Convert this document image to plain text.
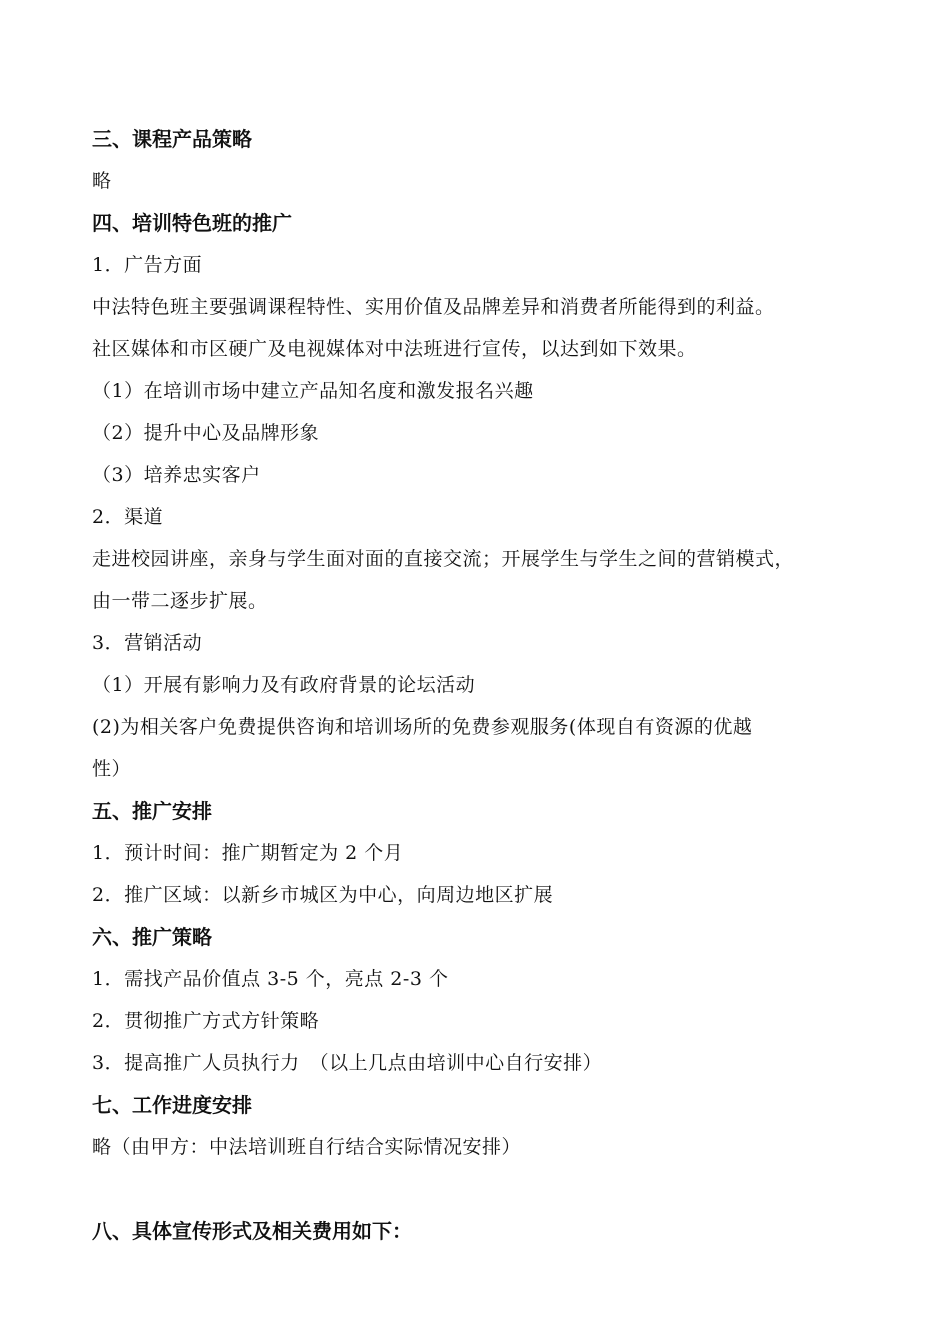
三、课程产品策略
略
四、培训特色班的推广
1．广告方面
中法特色班主要强调课程特性、实用价值及品牌差异和消费者所能得到的利益。
社区媒体和市区硬广及电视媒体对中法班进行宣传，以达到如下效果。
（1）在培训市场中建立产品知名度和激发报名兴趣
（2）提升中心及品牌形象
（3）培养忠实客户
2．渠道
走进校园讲座，亲身与学生面对面的直接交流；开展学生与学生之间的营销模式，
由一带二逐步扩展。
3．营销活动
（1）开展有影响力及有政府背景的论坛活动
(2)为相关客户免费提供咨询和培训场所的免费参观服务(体现自有资源的优越
性）
五、推广安排
1．预计时间：推广期暂定为 2 个月
2．推广区域：以新乡市城区为中心，向周边地区扩展
六、推广策略
1．需找产品价值点 3-5 个，亮点 2-3 个
2．贯彻推广方式方针策略
3．提高推广人员执行力　（以上几点由培训中心自行安排）
七、工作进度安排
略（由甲方：中法培训班自行结合实际情况安排）
八、具体宣传形式及相关费用如下：
